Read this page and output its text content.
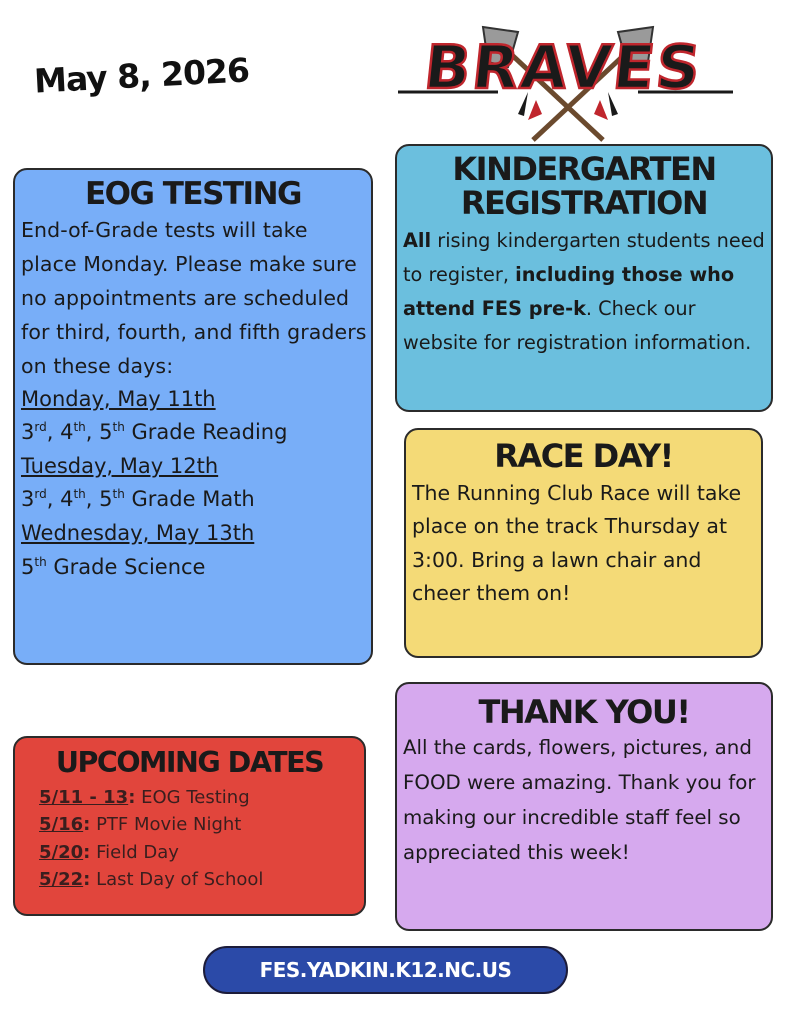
May 8, 2026	BRAVES
EOG TESTING
End-of-Grade tests will take place Monday. Please make sure no appointments are scheduled for third, fourth, and fifth graders on these days:
Monday, May 11th
3rd, 4th, 5th Grade Reading
Tuesday, May 12th
3rd, 4th, 5th Grade Math
Wednesday, May 13th
5th Grade Science
KINDERGARTEN
REGISTRATION
All rising kindergarten students need to register, including those who attend FES pre-k. Check our website for registration information.
RACE DAY!
The Running Club Race will take place on the track Thursday at 3:00. Bring a lawn chair and cheer them on!
UPCOMING DATES
5/11 - 13: EOG Testing
5/16: PTF Movie Night
5/20: Field Day
5/22: Last Day of School
THANK YOU!
All the cards, flowers, pictures, and FOOD were amazing. Thank you for making our incredible staff feel so appreciated this week!
FES.YADKIN.K12.NC.US
